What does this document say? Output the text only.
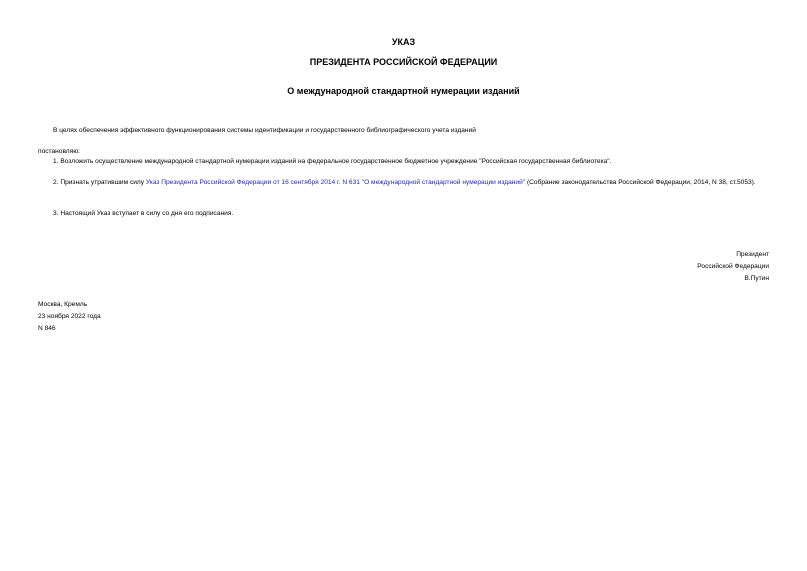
УКАЗ
ПРЕЗИДЕНТА РОССИЙСКОЙ ФЕДЕРАЦИИ
О международной стандартной нумерации изданий
В целях обеспечения эффективного функционирования системы идентификации и государственного библиографического учета изданий
постановляю:
1. Возложить осуществление международной стандартной нумерации изданий на федеральное государственное бюджетное учреждение "Российская государственная библиотека".
2. Признать утратившим силу Указ Президента Российской Федерации от 16 сентября 2014 г. N 631 "О международной стандартной нумерации изданий" (Собрание законодательства Российской Федерации, 2014, N 38, ст.5053).
3. Настоящий Указ вступает в силу со дня его подписания.
Президент
Российской Федерации
В.Путин
Москва, Кремль
23 ноября 2022 года
N 846
